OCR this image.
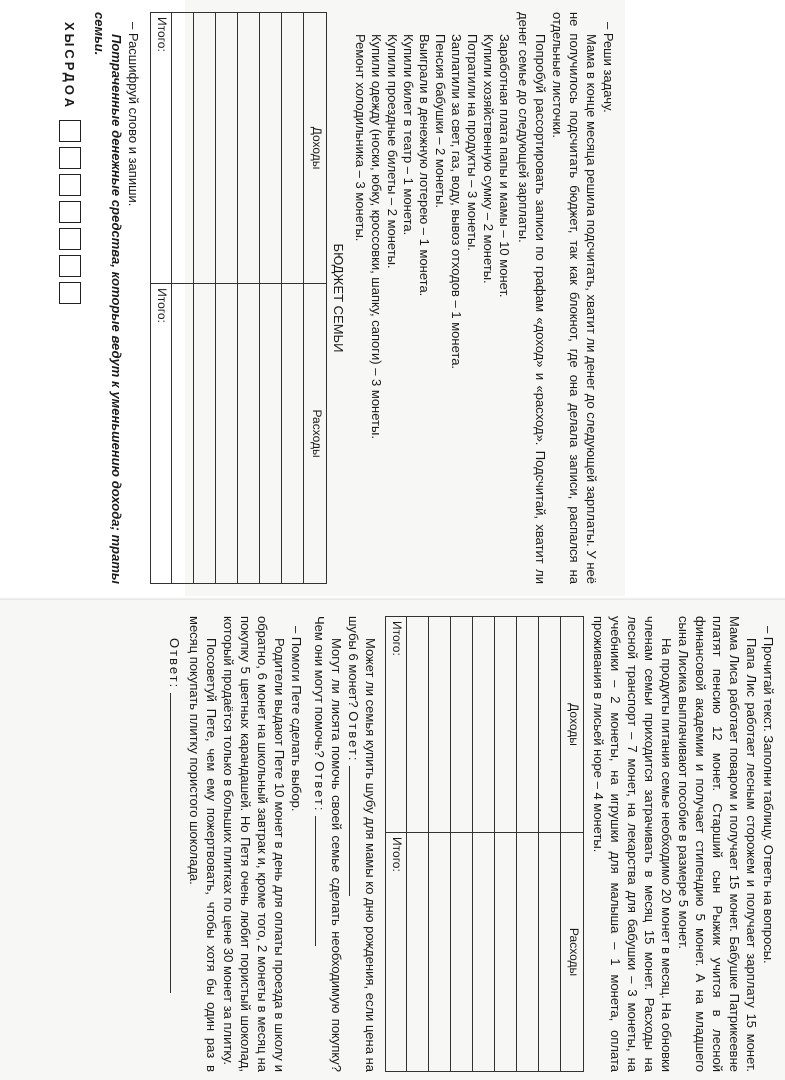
– Реши задачу.

Мама в конце месяца решила подсчитать, хватит ли денег до следующей зарплаты. У неё не получилось подсчитать бюджет, так как блокнот, где она делала записи, распался на отдельные листочки.

Попробуй рассортировать записи по графам «доход» и «расход». Подсчитай, хватит ли денег семье до следующей зарплаты.

Заработная плата папы и мамы – 10 монет.

Купили хозяйственную сумку – 2 монеты.

Потратили на продукты – 3 монеты.

Заплатили за свет, газ, воду, вывоз отходов – 1 монета.

Пенсия бабушки – 2 монеты.

Выиграли в денежную лотерею – 1 монета.

Купили билет в театр – 1 монета.

Купили проездные билеты – 2 монеты.

Купили одежду (носки, юбку, кроссовки, шапку, сапоги) – 3 монеты.

Ремонт холодильника – 3 монеты.

БЮДЖЕТ СЕМЬИ
Доходы	Расходы

Итого:	Итого:

– Расшифруй слово и запиши.

Потраченные денежные средства, которые ведут к уменьшению дохода; траты семьи.

ХЫСРДОА

– Прочитай текст. Заполни таблицу. Ответь на вопросы.

Папа Лис работает лесным сторожем и получает зарплату 15 монет. Мама Лиса работает поваром и получает 15 монет. Бабушке Патрикеевне платят пенсию 12 монет. Старший сын Рыжик учится в лесной финансовой академии и получает стипендию 5 монет. А на младшего сына Лисика выплачивают пособие в размере 5 монет.

На продукты питания семье необходимо 20 монет в месяц. На обновки членам семьи приходится затрачивать в месяц 15 монет. Расходы на лесной транспорт – 7 монет, на лекарства для бабушки – 3 монеты, на учебники – 2 монеты, на игрушки для малыша – 1 монета, оплата проживания в лисьей норе – 4 монеты.

Доходы	Расходы

Итого:	Итого:

Может ли семья купить шубу для мамы ко дню рождения, если цена на шубы 6 монет? Ответ:

Могут ли лисята помочь своей семье сделать необходимую покупку? Чем они могут помочь? Ответ:

– Помоги Пете сделать выбор.

Родители выдают Пете 10 монет в день для оплаты проезда в школу и обратно, 6 монет на школьный завтрак и, кроме того, 2 монеты в месяц на покупку 5 цветных карандашей. Но Петя очень любит пористый шоколад, который продаётся только в больших плитках по цене 30 монет за плитку.

Посоветуй Пете, чем ему пожертвовать, чтобы хотя бы один раз в месяц покупать плитку пористого шоколада.

Ответ:
